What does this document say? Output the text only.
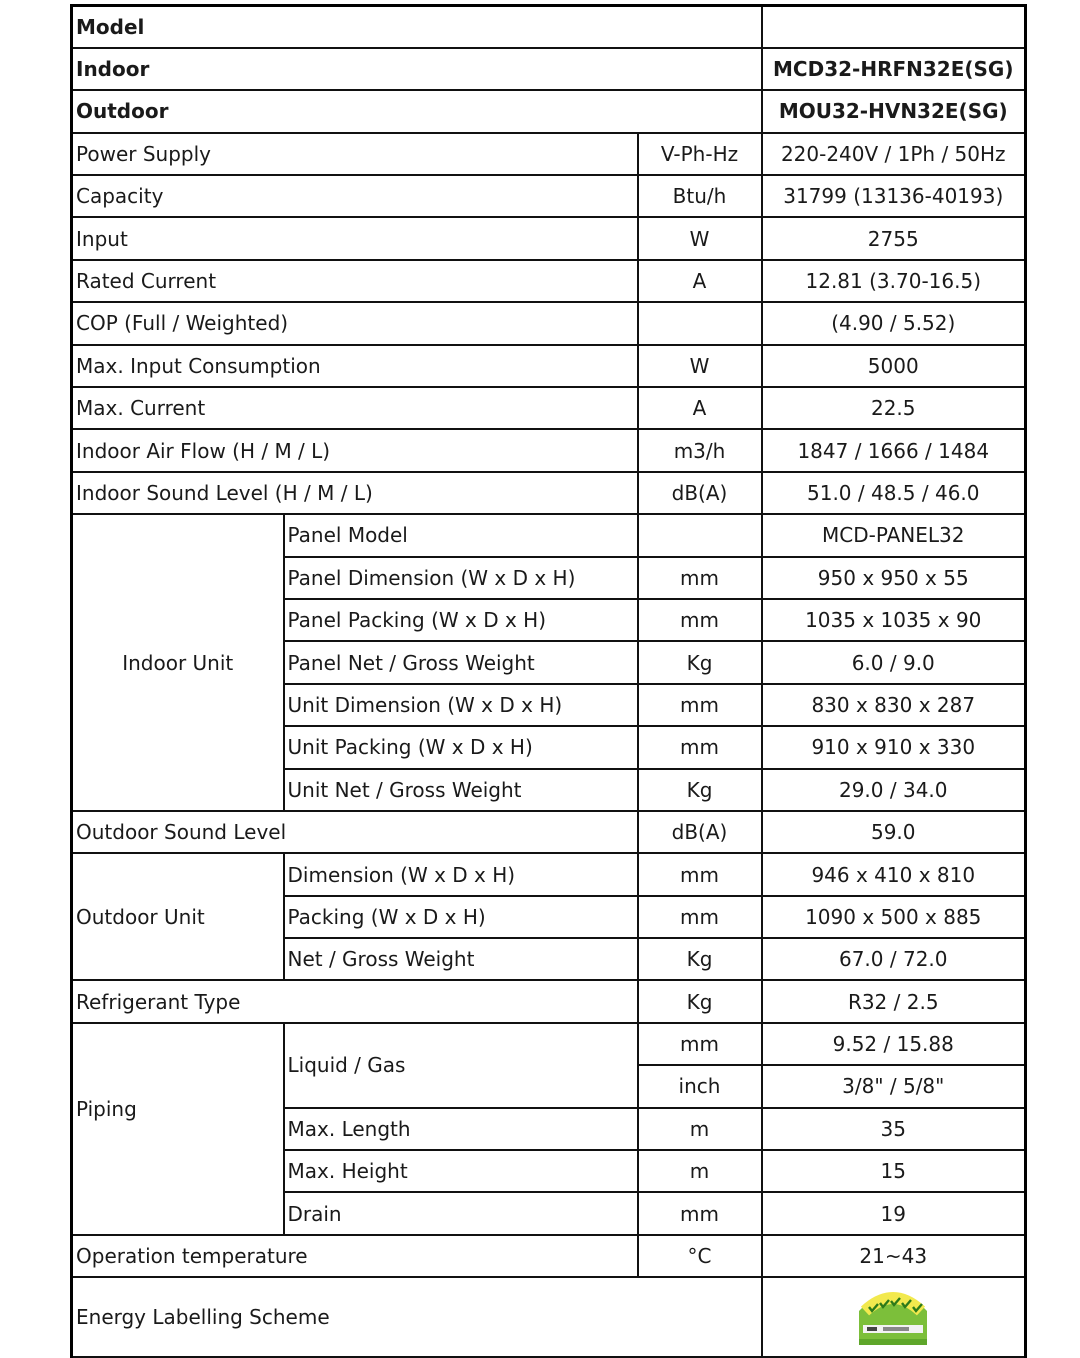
Model			
Indoor			MCD32-HRFN32E(SG)
Outdoor			MOU32-HVN32E(SG)
Power Supply		V-Ph-Hz	220-240V / 1Ph / 50Hz
Capacity		Btu/h	31799 (13136-40193)
Input		W	2755
Rated Current		A	12.81 (3.70-16.5)
COP (Full / Weighted)			(4.90 / 5.52)
Max. Input Consumption		W	5000
Max. Current		A	22.5
Indoor Air Flow (H / M / L)		m3/h	1847 / 1666 / 1484
Indoor Sound Level (H / M / L)		dB(A)	51.0 / 48.5 / 46.0
Indoor Unit	Panel Model		MCD-PANEL32
	Panel Dimension (W x D x H)	mm	950 x 950 x 55
	Panel Packing (W x D x H)	mm	1035 x 1035 x 90
	Panel Net / Gross Weight	Kg	6.0 / 9.0
	Unit Dimension (W x D x H)	mm	830 x 830 x 287
	Unit Packing (W x D x H)	mm	910 x 910 x 330
	Unit Net / Gross Weight	Kg	29.0 / 34.0
Outdoor Sound Level		dB(A)	59.0
Outdoor Unit	Dimension (W x D x H)	mm	946 x 410 x 810
	Packing (W x D x H)	mm	1090 x 500 x 885
	Net / Gross Weight	Kg	67.0 / 72.0
Refrigerant Type		Kg	R32 / 2.5
Piping	Liquid / Gas	mm	9.52 / 15.88
		inch	3/8" / 5/8"
	Max. Length	m	35
	Max. Height	m	15
	Drain	mm	19
Operation temperature		°C	21~43
Energy Labelling Scheme	
